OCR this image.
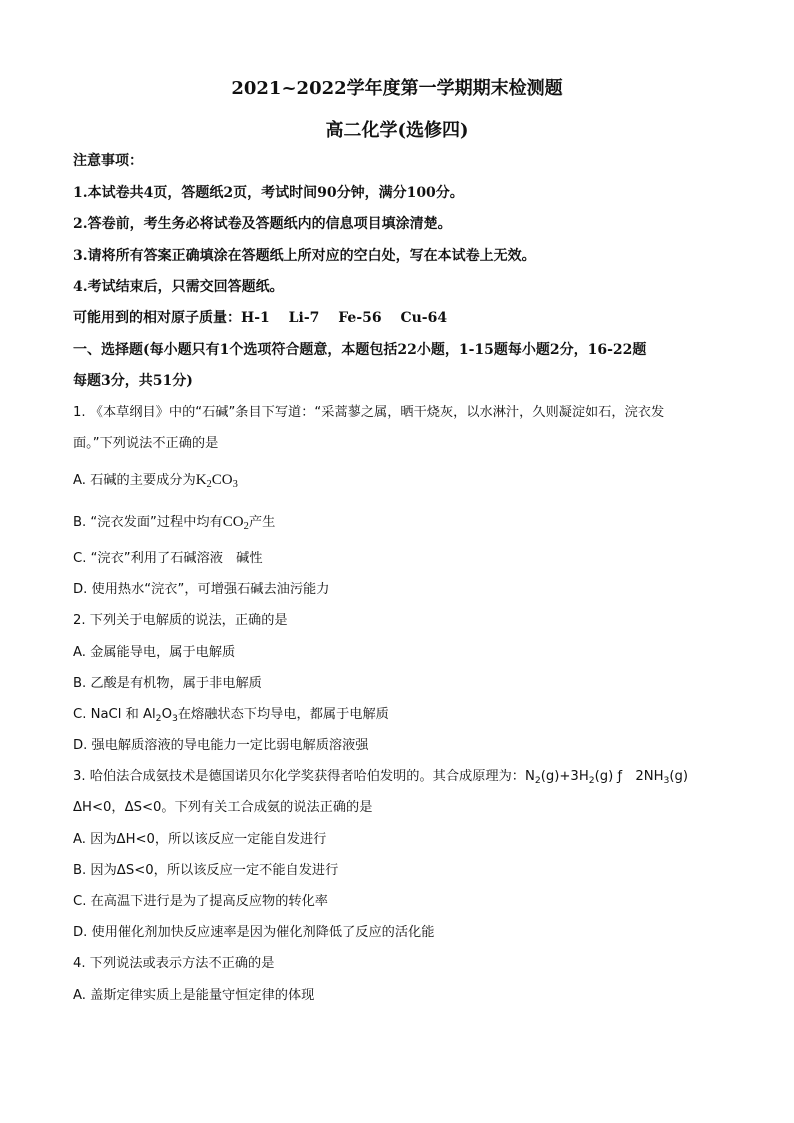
2021~2022学年度第一学期期末检测题
高二化学(选修四)
注意事项：
1.本试卷共4页，答题纸2页，考试时间90分钟，满分100分。
2.答卷前，考生务必将试卷及答题纸内的信息项目填涂清楚。
3.请将所有答案正确填涂在答题纸上所对应的空白处，写在本试卷上无效。
4.考试结束后，只需交回答题纸。
可能用到的相对原子质量：H-1　 Li-7　 Fe-56　 Cu-64
一、选择题(每小题只有1个选项符合题意，本题包括22小题，1-15题每小题2分，16-22题
每题3分，共51分)
1. 《本草纲目》中的“石碱”条目下写道：“采蒿蓼之属，晒干烧灰，以水淋汁，久则凝淀如石，浣衣发
面。”下列说法不正确的是
A. 石碱的主要成分为$K_2CO_3$
B. “浣衣发面”过程中均有$CO_2$产生
C. “浣衣”利用了石碱溶液　碱性
D. 使用热水“浣衣”，可增强石碱去油污能力
2. 下列关于电解质的说法，正确的是
A. 金属能导电，属于电解质
B. 乙酸是有机物，属于非电解质
C. NaCl 和 $Al_2O_3$在熔融状态下均导电，都属于电解质
D. 强电解质溶液的导电能力一定比弱电解质溶液强
3. 哈伯法合成氨技术是德国诺贝尔化学奖获得者哈伯发明的。其合成原理为：$N_2(g)+3H_2(g)$ ƒ　$2NH_3(g)$
ΔH<0，ΔS<0。下列有关工合成氨的说法正确的是
A. 因为ΔH<0，所以该反应一定能自发进行
B. 因为ΔS<0，所以该反应一定不能自发进行
C. 在高温下进行是为了提高反应物的转化率
D. 使用催化剂加快反应速率是因为催化剂降低了反应的活化能
4. 下列说法或表示方法不正确的是
A. 盖斯定律实质上是能量守恒定律的体现
